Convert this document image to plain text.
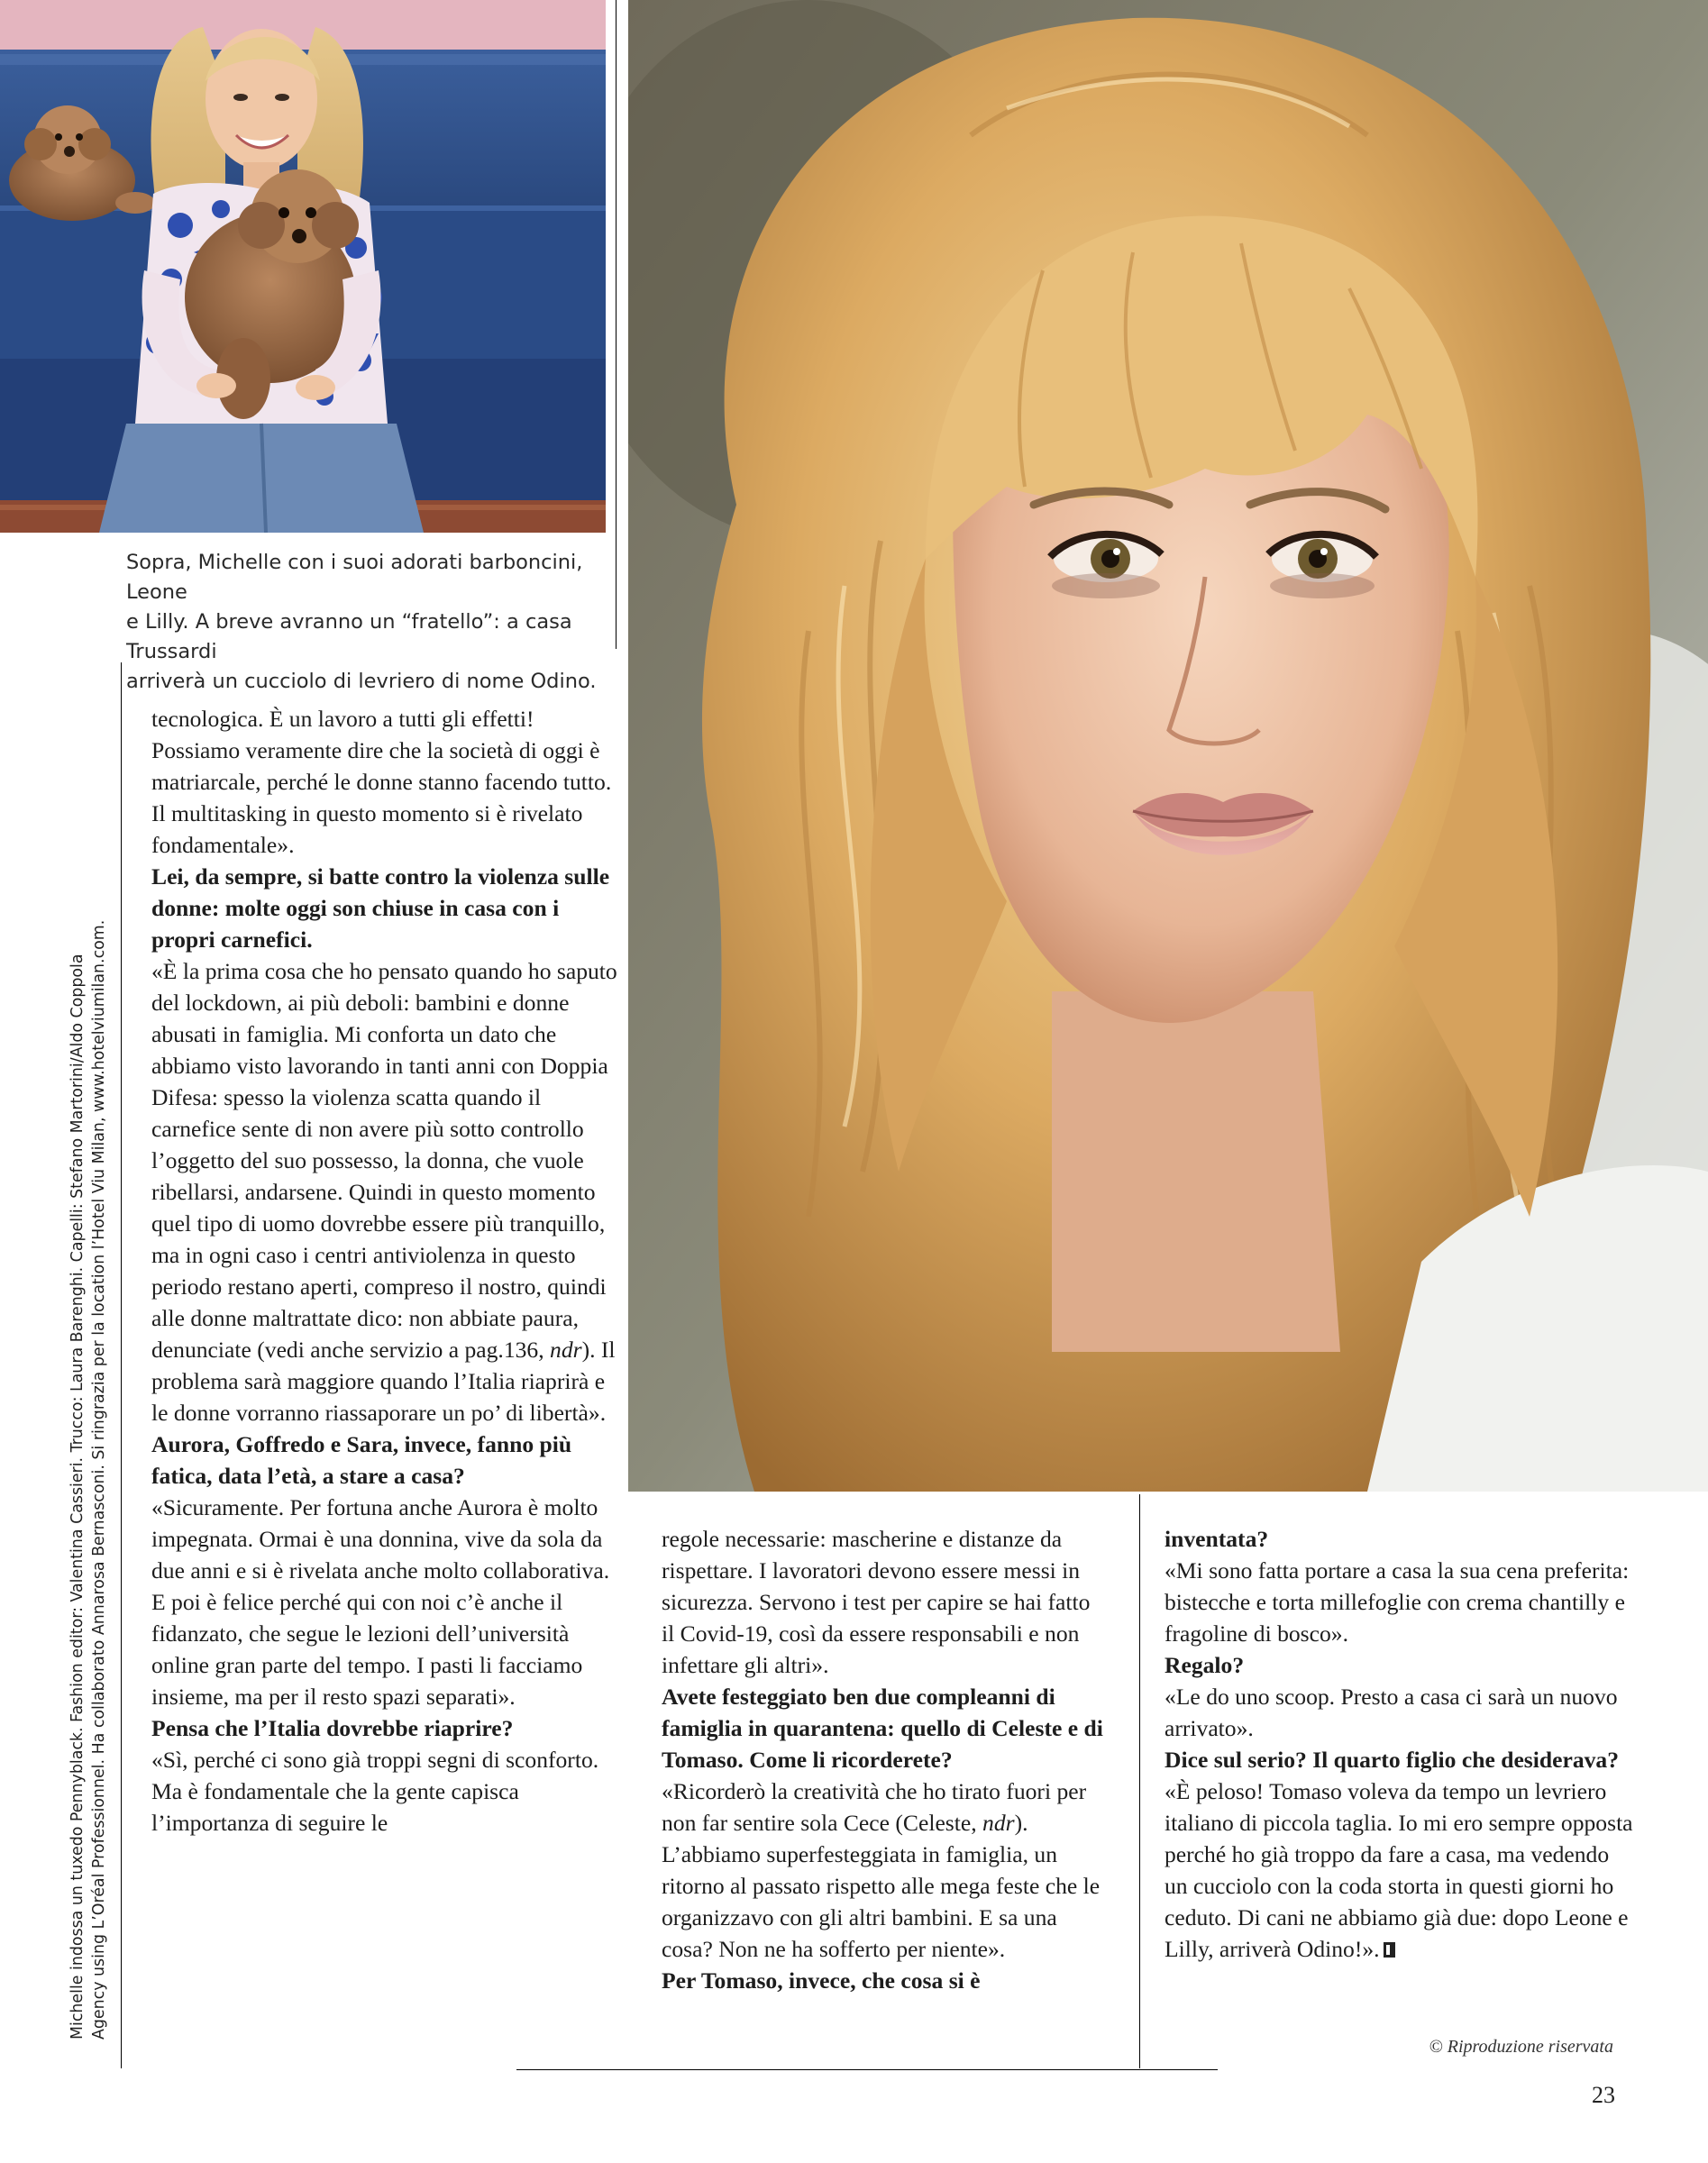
Sopra, Michelle con i suoi adorati barboncini, Leone
e Lilly. A breve avranno un “fratello”: a casa Trussardi
arriverà un cucciolo di levriero di nome Odino.
Michelle indossa un tuxedo Pennyblack. Fashion editor: Valentina Cassieri. Trucco: Laura Barenghi. Capelli: Stefano Martorini/Aldo Coppola Agency using L’Oréal Professionnel. Ha collaborato Annarosa Bernasconi. Si ringrazia per la location l’Hotel Viu Milan, www.hotelviumilan.com.

tecnologica. È un lavoro a tutti gli effetti! Possiamo veramente dire che la società di oggi è matriarcale, perché le donne stanno facendo tutto. Il multitasking in questo momento si è rivelato fondamentale».

Lei, da sempre, si batte contro la violenza sulle donne: molte oggi son chiuse in casa con i propri carnefici.

«È la prima cosa che ho pensato quando ho saputo del lockdown, ai più deboli: bambini e donne abusati in famiglia. Mi conforta un dato che abbiamo visto lavorando in tanti anni con Doppia Difesa: spesso la violenza scatta quando il carnefice sente di non avere più sotto controllo l’oggetto del suo possesso, la donna, che vuole ribellarsi, andarsene. Quindi in questo momento quel tipo di uomo dovrebbe essere più tranquillo, ma in ogni caso i centri antiviolenza in questo periodo restano aperti, compreso il nostro, quindi alle donne maltrattate dico: non abbiate paura, denunciate (vedi anche servizio a pag.136, ndr). Il problema sarà maggiore quando l’Italia riaprirà e le donne vorranno riassaporare un po’ di libertà».

Aurora, Goffredo e Sara, invece, fanno più fatica, data l’età, a stare a casa?

«Sicuramente. Per fortuna anche Aurora è molto impegnata. Ormai è una donnina, vive da sola da due anni e si è rivelata anche molto collaborativa. E poi è felice perché qui con noi c’è anche il fidanzato, che segue le lezioni dell’università online gran parte del tempo. I pasti li facciamo insieme, ma per il resto spazi separati».

Pensa che l’Italia dovrebbe riaprire?

«Sì, perché ci sono già troppi segni di sconforto. Ma è fondamentale che la gente capisca l’importanza di seguire le

regole necessarie: mascherine e distanze da rispettare. I lavoratori devono essere messi in sicurezza. Servono i test per capire se hai fatto il Covid-19, così da essere responsabili e non infettare gli altri».

Avete festeggiato ben due compleanni di famiglia in quarantena: quello di Celeste e di Tomaso. Come li ricorderete?

«Ricorderò la creatività che ho tirato fuori per non far sentire sola Cece (Celeste, ndr). L’abbiamo superfesteggiata in famiglia, un ritorno al passato rispetto alle mega feste che le organizzavo con gli altri bambini. E sa una cosa? Non ne ha sofferto per niente».

Per Tomaso, invece, che cosa si è

inventata?

«Mi sono fatta portare a casa la sua cena preferita: bistecche e torta millefoglie con crema chantilly e fragoline di bosco».

Regalo?

«Le do uno scoop. Presto a casa ci sarà un nuovo arrivato».

Dice sul serio? Il quarto figlio che desiderava?

«È peloso! Tomaso voleva da tempo un levriero italiano di piccola taglia. Io mi ero sempre opposta perché ho già troppo da fare a casa, ma vedendo un cucciolo con la coda storta in questi giorni ho ceduto. Di cani ne abbiamo già due: dopo Leone e Lilly, arriverà Odino!».

© Riproduzione riservata
23
